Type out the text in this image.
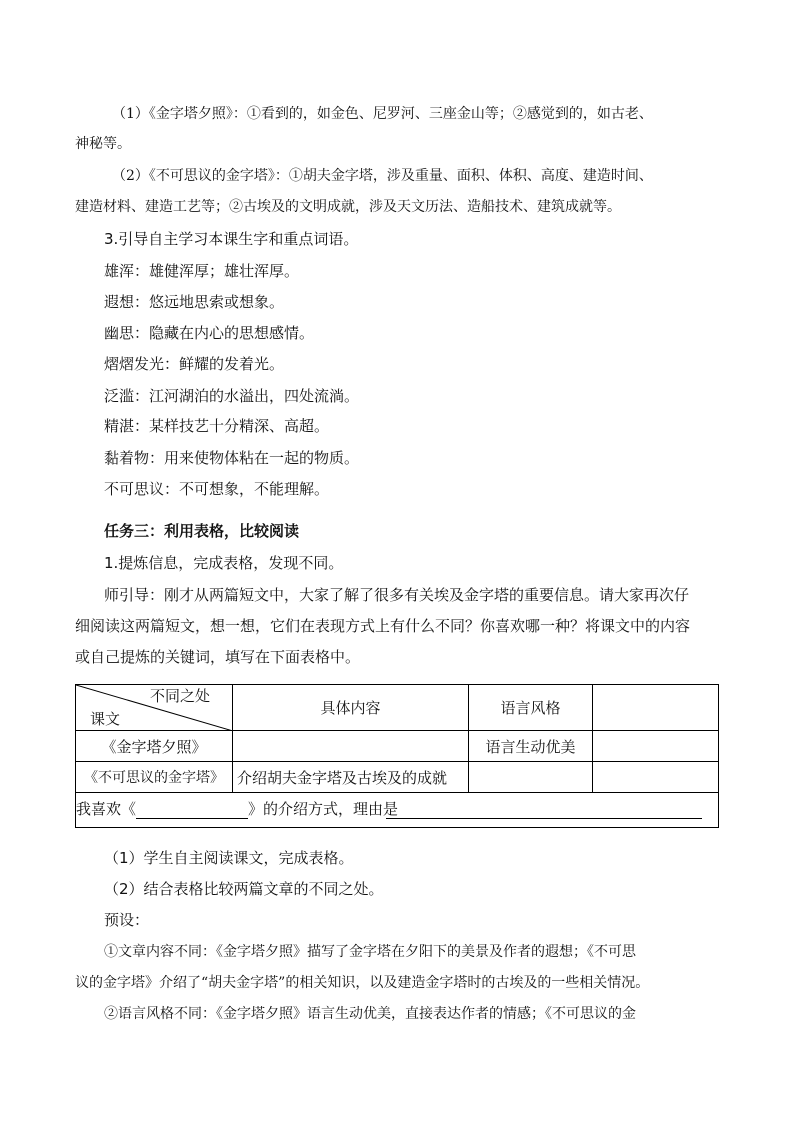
（1）《金字塔夕照》：①看到的，如金色、尼罗河、三座金山等；②感觉到的，如古老、
神秘等。
（2）《不可思议的金字塔》：①胡夫金字塔，涉及重量、面积、体积、高度、建造时间、
建造材料、建造工艺等；②古埃及的文明成就，涉及天文历法、造船技术、建筑成就等。
3.引导自主学习本课生字和重点词语。
雄浑：雄健浑厚；雄壮浑厚。
遐想：悠远地思索或想象。
幽思：隐藏在内心的思想感情。
熠熠发光：鲜耀的发着光。
泛滥：江河湖泊的水溢出，四处流淌。
精湛：某样技艺十分精深、高超。
黏着物：用来使物体粘在一起的物质。
不可思议：不可想象，不能理解。
任务三：利用表格，比较阅读
1.提炼信息，完成表格，发现不同。
师引导：刚才从两篇短文中，大家了解了很多有关埃及金字塔的重要信息。请大家再次仔
细阅读这两篇短文，想一想，它们在表现方式上有什么不同？你喜欢哪一种？将课文中的内容
或自己提炼的关键词，填写在下面表格中。
不同之处
课文	具体内容	语言风格	
《金字塔夕照》		语言生动优美	
《不可思议的金字塔》	介绍胡夫金字塔及古埃及的成就		

我喜欢《 》的介绍方式，理由是			
（1）学生自主阅读课文，完成表格。
（2）结合表格比较两篇文章的不同之处。
预设：
①文章内容不同：《金字塔夕照》描写了金字塔在夕阳下的美景及作者的遐想；《不可思
议的金字塔》介绍了“胡夫金字塔”的相关知识，以及建造金字塔时的古埃及的一些相关情况。
②语言风格不同：《金字塔夕照》语言生动优美，直接表达作者的情感；《不可思议的金
